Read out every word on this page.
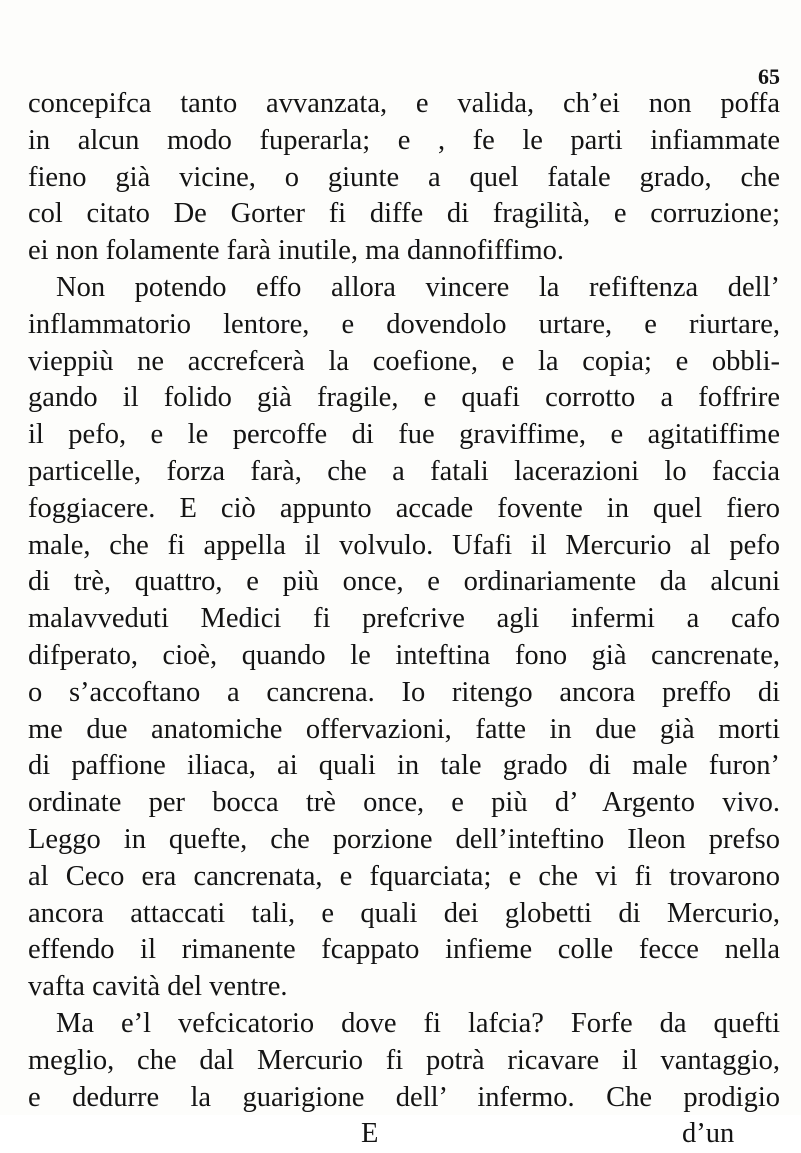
65
concepifca tanto avvanzata, e valida, ch’ei non poffa
in alcun modo fuperarla; e , fe le parti infiammate
fieno già vicine, o giunte a quel fatale grado, che
col citato De Gorter fi diffe di fragilità, e corruzione;
ei non folamente farà inutile, ma dannofiffimo.
Non potendo effo allora vincere la refiftenza dell’
inflammatorio lentore, e dovendolo urtare, e riurtare,
vieppiù ne accrefcerà la coefione, e la copia; e obbli-
gando il folido già fragile, e quafi corrotto a foffrire
il pefo, e le percoffe di fue graviffime, e agitatiffime
particelle, forza farà, che a fatali lacerazioni lo faccia
foggiacere. E ciò appunto accade fovente in quel fiero
male, che fi appella il volvulo. Ufafi il Mercurio al pefo
di trè, quattro, e più once, e ordinariamente da alcuni
malavveduti Medici fi prefcrive agli infermi a cafo
difperato, cioè, quando le inteftina fono già cancrenate,
o s’accoftano a cancrena. Io ritengo ancora preffo di
me due anatomiche offervazioni, fatte in due già morti
di paffione iliaca, ai quali in tale grado di male furon’
ordinate per bocca trè once, e più d’ Argento vivo.
Leggo in quefte, che porzione dell’inteftino Ileon prefso
al Ceco era cancrenata, e fquarciata; e che vi fi trovarono
ancora attaccati tali, e quali dei globetti di Mercurio,
effendo il rimanente fcappato infieme colle fecce nella
vafta cavità del ventre.
Ma e’l vefcicatorio dove fi lafcia? Forfe da quefti
meglio, che dal Mercurio fi potrà ricavare il vantaggio,
e dedurre la guarigione dell’ infermo. Che prodigio
E	d’un
